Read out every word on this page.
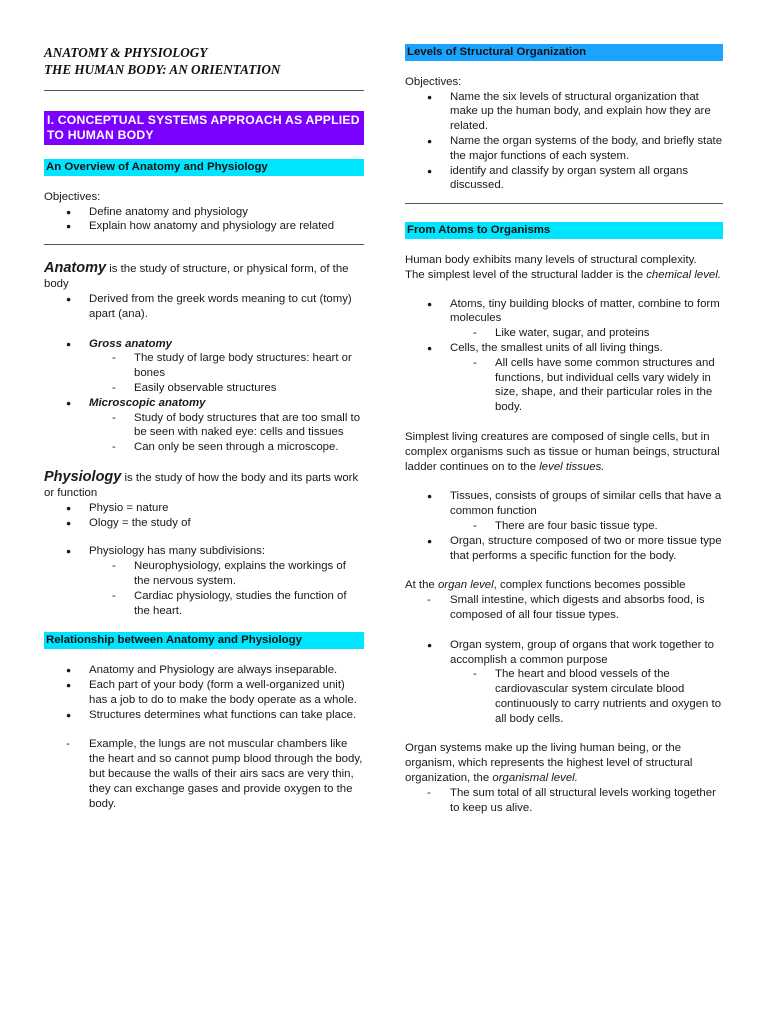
ANATOMY & PHYSIOLOGY
THE HUMAN BODY: AN ORIENTATION
I. CONCEPTUAL SYSTEMS APPROACH AS APPLIED TO HUMAN BODY
An Overview of Anatomy and Physiology

Objectives:

● Define anatomy and physiology
● Explain how anatomy and physiology are related

Anatomy is the study of structure, or physical form, of the body

● Derived from the greek words meaning to cut (tomy) apart (ana).
● Gross anatomy
- The study of large body structures: heart or bones
- Easily observable structures
● Microscopic anatomy
- Study of body structures that are too small to be seen with naked eye: cells and tissues
- Can only be seen through a microscope.

Physiology is the study of how the body and its parts work or function

● Physio = nature
● Ology = the study of
● Physiology has many subdivisions:
- Neurophysiology, explains the workings of the nervous system.
- Cardiac physiology, studies the function of the heart.
Relationship between Anatomy and Physiology
● Anatomy and Physiology are always inseparable.
● Each part of your body (form a well-organized unit) has a job to do to make the body operate as a whole.
● Structures determines what functions can take place.
- Example, the lungs are not muscular chambers like the heart and so cannot pump blood through the body, but because the walls of their airs sacs are very thin, they can exchange gases and provide oxygen to the body.
Levels of Structural Organization

Objectives:

● Name the six levels of structural organization that make up the human body, and explain how they are related.
● Name the organ systems of the body, and briefly state the major functions of each system.
● identify and classify by organ system all organs discussed.
From Atoms to Organisms

Human body exhibits many levels of structural complexity.

The simplest level of the structural ladder is the chemical level.

● Atoms, tiny building blocks of matter, combine to form molecules
- Like water, sugar, and proteins
● Cells, the smallest units of all living things.
- All cells have some common structures and functions, but individual cells vary widely in size, shape, and their particular roles in the body.

Simplest living creatures are composed of single cells, but in complex organisms such as tissue or human beings, structural ladder continues on to the level tissues.

● Tissues, consists of groups of similar cells that have a common function
- There are four basic tissue type.
● Organ, structure composed of two or more tissue type that performs a specific function for the body.

At the organ level, complex functions becomes possible

- Small intestine, which digests and absorbs food, is composed of all four tissue types.
● Organ system, group of organs that work together to accomplish a common purpose
- The heart and blood vessels of the cardiovascular system circulate blood continuously to carry nutrients and oxygen to all body cells.

Organ systems make up the living human being, or the organism, which represents the highest level of structural organization, the organismal level.

- The sum total of all structural levels working together to keep us alive.
